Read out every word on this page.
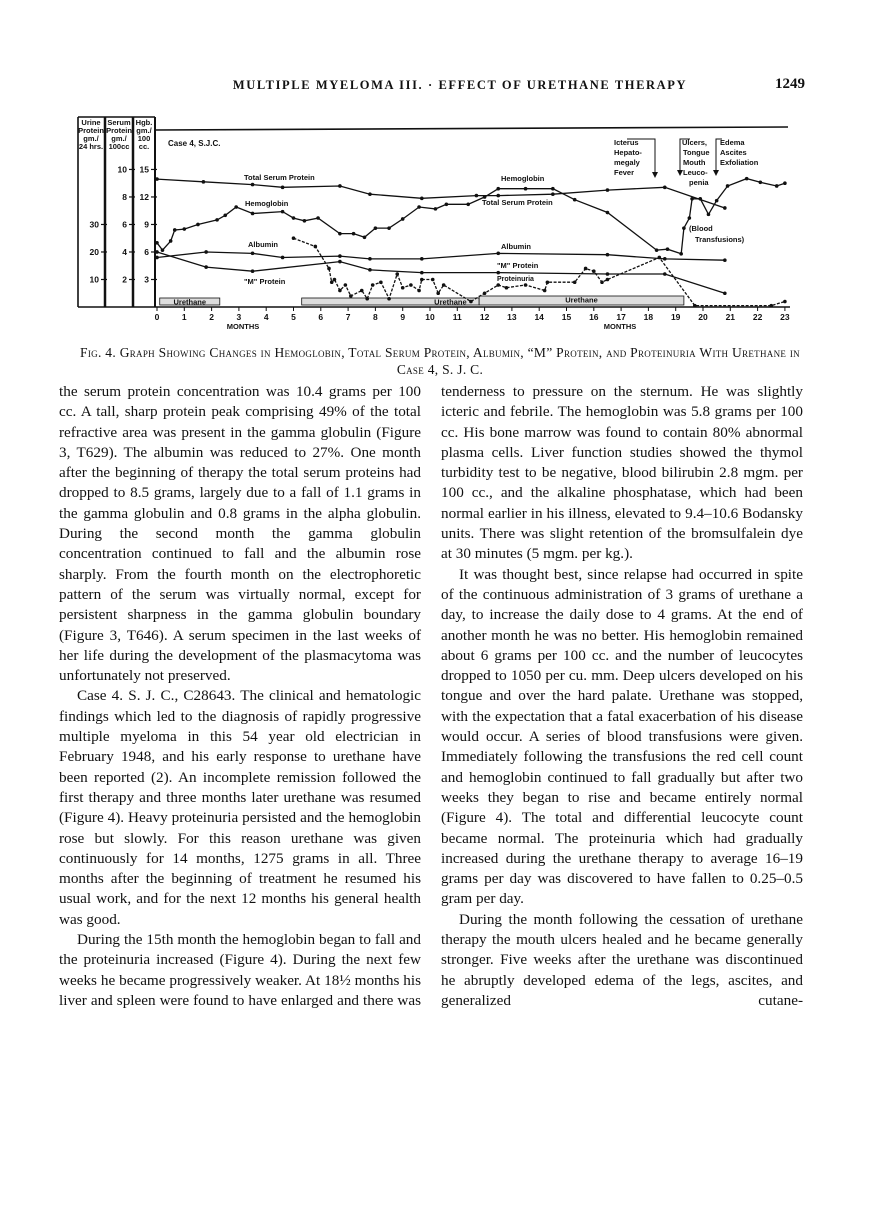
MULTIPLE MYELOMA III. · EFFECT OF URETHANE THERAPY	1249
Urine
Protein
gm./
24 hrs.
Serum
Protein
gm./
100cc
Hgb.
gm./
100
cc. Case 4, S.J.C.
30
20
10
10
8
6
4
2
15
12
9
6
3
0	1	2	3	4	5	6	7	8	9 10 11 12 13 14 15 16 17 18 19 20 21 22 23
MONTHS	MONTHS
Urethane	Urethane	Urethane
Total Serum Protein
Total Serum Protein
Hemoglobin
Hemoglobin
Albumin	Albumin
"M" Protein
"M" Protein
Proteinuria
Icterus
Hepato-
megaly
Fever
Ulcers,
Tongue
Mouth
Leuco-
penia
Edema
Ascites
Exfoliation
(Blood
Transfusions)
Fig. 4. Graph Showing Changes in Hemoglobin, Total Serum Protein, Albumin, “M” Protein, and Proteinuria With Urethane in Case 4, S. J. C.

the serum protein concentration was 10.4 grams per 100 cc. A tall, sharp protein peak comprising 49% of the total refractive area was present in the gamma globulin (Figure 3, T629). The albumin was reduced to 27%. One month after the beginning of therapy the total serum proteins had dropped to 8.5 grams, largely due to a fall of 1.1 grams in the gamma globulin and 0.8 grams in the alpha globulin. During the second month the gamma globulin concentration continued to fall and the albumin rose sharply. From the fourth month on the electrophoretic pattern of the serum was virtually normal, except for persistent sharpness in the gamma globulin boundary (Figure 3, T646). A serum specimen in the last weeks of her life during the development of the plasmacytoma was unfortunately not preserved.

Case 4. S. J. C., C28643. The clinical and hematologic findings which led to the diagnosis of rapidly progressive multiple myeloma in this 54 year old electrician in February 1948, and his early response to urethane have been reported (2). An incomplete remission followed the first therapy and three months later urethane was resumed (Figure 4). Heavy proteinuria persisted and the hemoglobin rose but slowly. For this reason urethane was given continuously for 14 months, 1275 grams in all. Three months after the beginning of treatment he resumed his usual work, and for the next 12 months his general health was good.

During the 15th month the hemoglobin began to fall and the proteinuria increased (Figure 4). During the next few weeks he became progressively weaker. At 18½ months his liver and spleen were found to have enlarged and there was

tenderness to pressure on the sternum. He was slightly icteric and febrile. The hemoglobin was 5.8 grams per 100 cc. His bone marrow was found to contain 80% abnormal plasma cells. Liver function studies showed the thymol turbidity test to be negative, blood bilirubin 2.8 mgm. per 100 cc., and the alkaline phosphatase, which had been normal earlier in his illness, elevated to 9.4–10.6 Bodansky units. There was slight retention of the bromsulfalein dye at 30 minutes (5 mgm. per kg.).

It was thought best, since relapse had occurred in spite of the continuous administration of 3 grams of urethane a day, to increase the daily dose to 4 grams. At the end of another month he was no better. His hemoglobin remained about 6 grams per 100 cc. and the number of leucocytes dropped to 1050 per cu. mm. Deep ulcers developed on his tongue and over the hard palate. Urethane was stopped, with the expectation that a fatal exacerbation of his disease would occur. A series of blood transfusions were given. Immediately following the transfusions the red cell count and hemoglobin continued to fall gradually but after two weeks they began to rise and became entirely normal (Figure 4). The total and differential leucocyte count became normal. The proteinuria which had gradually increased during the urethane therapy to average 16–19 grams per day was discovered to have fallen to 0.25–0.5 gram per day.

During the month following the cessation of urethane therapy the mouth ulcers healed and he became generally stronger. Five weeks after the urethane was discontinued he abruptly developed edema of the legs, ascites, and generalized cutane-
